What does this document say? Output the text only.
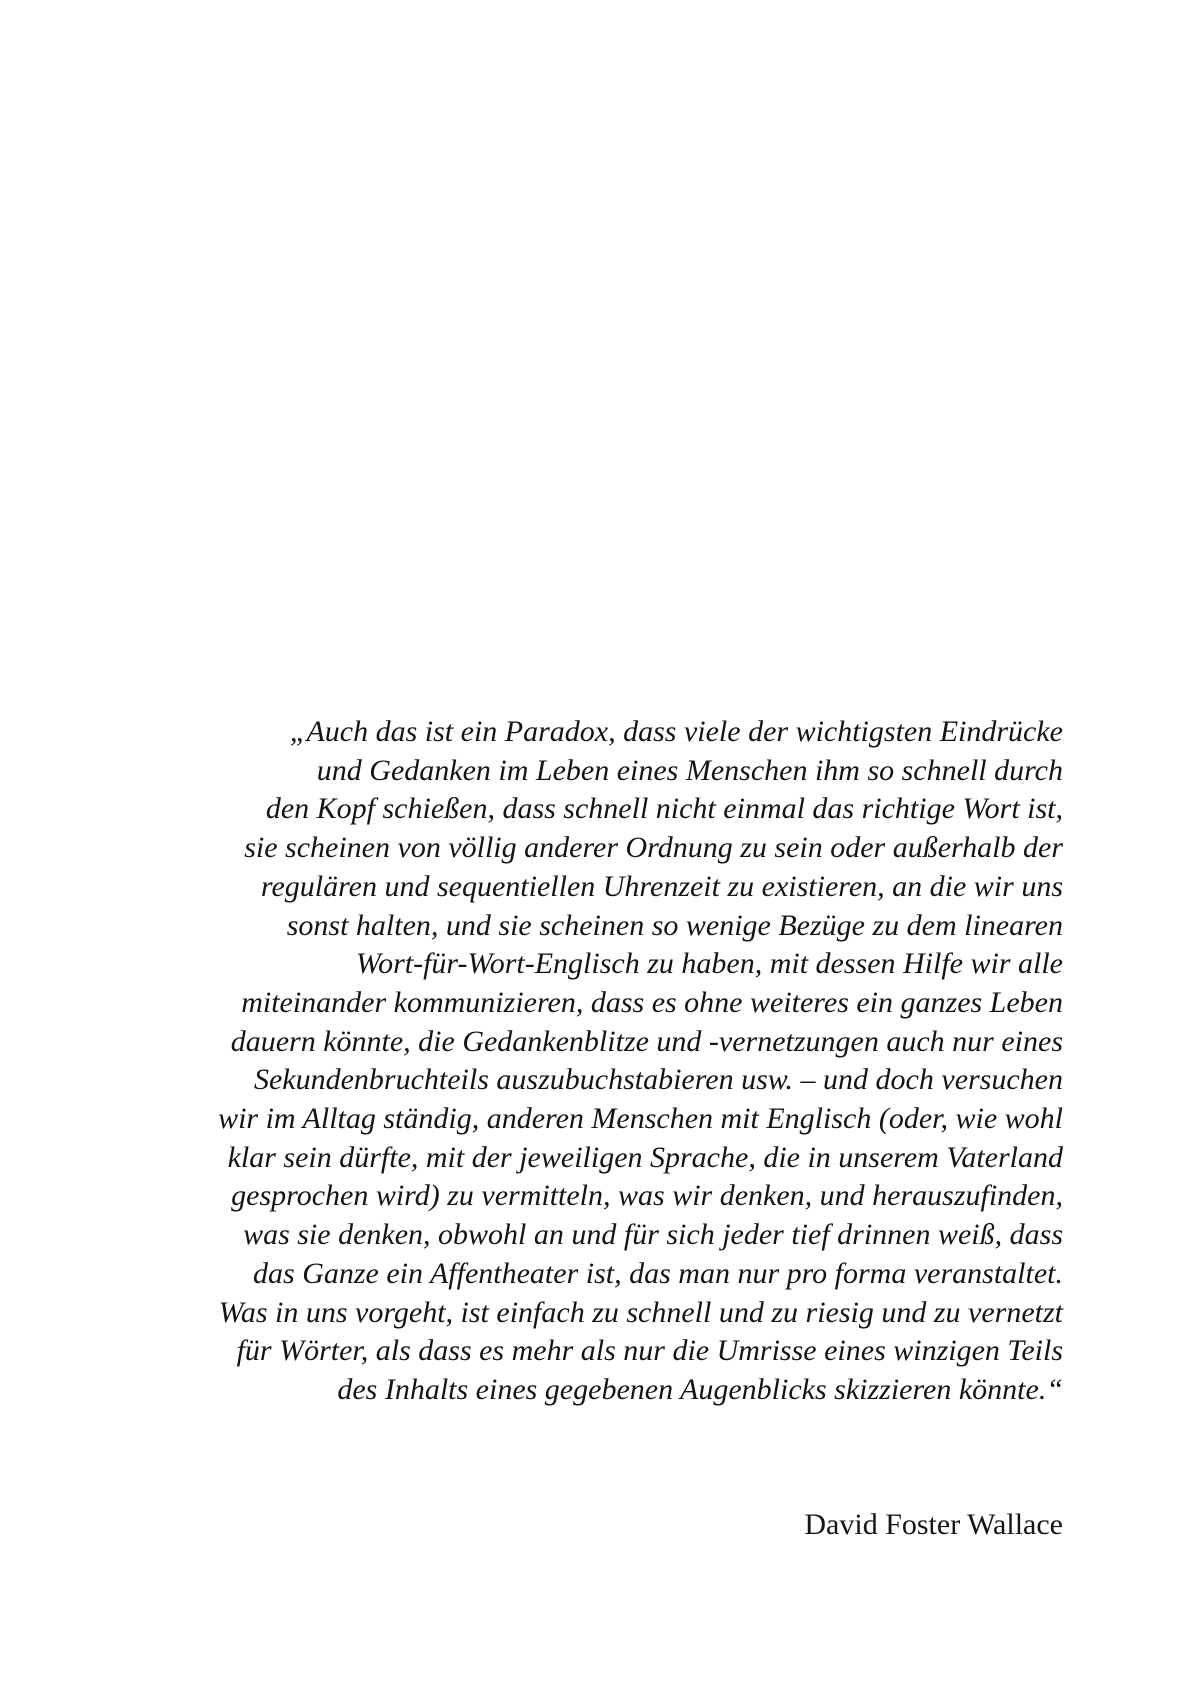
„Auch das ist ein Paradox, dass viele der wichtigsten Eindrücke
und Gedanken im Leben eines Menschen ihm so schnell durch
den Kopf schießen, dass schnell nicht einmal das richtige Wort ist,
sie scheinen von völlig anderer Ordnung zu sein oder außerhalb der
regulären und sequentiellen Uhrenzeit zu existieren, an die wir uns
sonst halten, und sie scheinen so wenige Bezüge zu dem linearen
Wort-für-Wort-Englisch zu haben, mit dessen Hilfe wir alle
miteinander kommunizieren, dass es ohne weiteres ein ganzes Leben
dauern könnte, die Gedankenblitze und -vernetzungen auch nur eines
Sekundenbruchteils auszubuchstabieren usw. – und doch versuchen
wir im Alltag ständig, anderen Menschen mit Englisch (oder, wie wohl
klar sein dürfte, mit der jeweiligen Sprache, die in unserem Vaterland
gesprochen wird) zu vermitteln, was wir denken, und herauszufinden,
was sie denken, obwohl an und für sich jeder tief drinnen weiß, dass
das Ganze ein Affentheater ist, das man nur pro forma veranstaltet.
Was in uns vorgeht, ist einfach zu schnell und zu riesig und zu vernetzt
für Wörter, als dass es mehr als nur die Umrisse eines winzigen Teils
des Inhalts eines gegebenen Augenblicks skizzieren könnte.“
David Foster Wallace
